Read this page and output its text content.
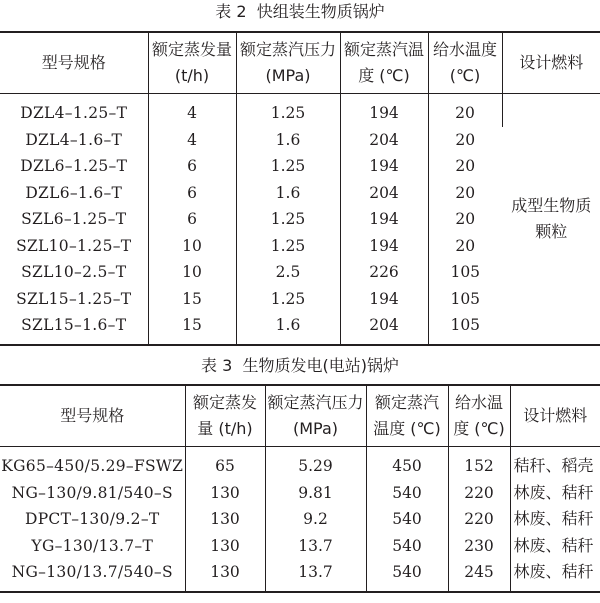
表 2  快组装生物质锅炉
型号规格	额定蒸发量 (t/h)	额定蒸汽压力 (MPa)	额定蒸汽温度 (℃)	给水温度 (℃)	设计燃料
DZL4–1.25–T	4	1.25	194	20	成型生物质颗粒
DZL4–1.6–T	4	1.6	204	20	
DZL6–1.25–T	6	1.25	194	20	
DZL6–1.6–T	6	1.6	204	20	
SZL6–1.25–T	6	1.25	194	20	
SZL10–1.25–T	10	1.25	194	20	
SZL10–2.5–T	10	2.5	226	105	
SZL15–1.25–T	15	1.25	194	105	
SZL15–1.6–T	15	1.6	204	105	
表 3  生物质发电(电站)锅炉
型号规格	额定蒸发量 (t/h)	额定蒸汽压力 (MPa)	额定蒸汽温度 (℃)	给水温度 (℃)	设计燃料
KG65–450/5.29–FSWZ	65	5.29	450	152	秸秆、稻壳
NG–130/9.81/540–S	130	9.81	540	220	林废、秸秆
DPCT–130/9.2–T	130	9.2	540	220	林废、秸秆
YG–130/13.7–T	130	13.7	540	230	林废、秸秆
NG–130/13.7/540–S	130	13.7	540	245	林废、秸秆
